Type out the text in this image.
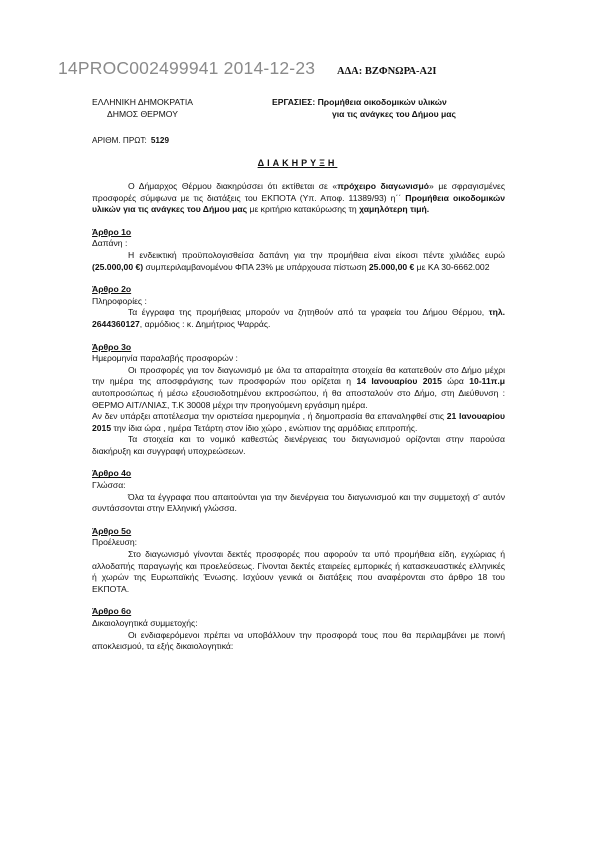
14PROC002499941 2014-12-23 ΑΔΑ: ΒΖΦΝΩΡΑ-Α2Ι
ΕΛΛΗΝΙΚΗ ΔΗΜΟΚΡΑΤΙΑ
ΔΗΜΟΣ ΘΕΡΜΟΥ
ΕΡΓΑΣΙΕΣ: Προμήθεια οικοδομικών υλικών
για τις ανάγκες του Δήμου μας
ΑΡΙΘΜ. ΠΡΩΤ: 5129
ΔΙΑΚΗΡΥΞΗ

Ο Δήμαρχος Θέρμου διακηρύσσει ότι εκτίθεται σε «πρόχειρο διαγωνισμό» με σφραγισμένες προσφορές σύμφωνα με τις διατάξεις του ΕΚΠΟΤΑ (Υπ. Αποφ. 11389/93) η΄΄ Προμήθεια οικοδομικών υλικών για τις ανάγκες του Δήμου μας με κριτήριο κατακύρωσης τη χαμηλότερη τιμή.

Άρθρο 1ο

Δαπάνη :

Η ενδεικτική προϋπολογισθείσα δαπάνη για την προμήθεια είναι είκοσι πέντε χιλιάδες ευρώ (25.000,00 €) συμπεριλαμβανομένου ΦΠΑ 23% με υπάρχουσα πίστωση 25.000,00 € με ΚΑ 30-6662.002

Άρθρο 2ο

Πληροφορίες :

Τα έγγραφα της προμήθειας μπορούν να ζητηθούν από τα γραφεία του Δήμου Θέρμου, τηλ. 2644360127, αρμόδιος : κ. Δημήτριος Ψαρράς.

Άρθρο 3ο

Ημερομηνία παραλαβής προσφορών :

Οι προσφορές για τον διαγωνισμό με όλα τα απαραίτητα στοιχεία θα κατατεθούν στο Δήμο μέχρι την ημέρα της αποσφράγισης των προσφορών που ορίζεται η 14 Ιανουαρίου 2015 ώρα 10-11π.μ αυτοπροσώπως ή μέσω εξουσιοδοτημένου εκπροσώπου, ή θα αποσταλούν στο Δήμο, στη Διεύθυνση : ΘΕΡΜΟ ΑΙΤ/ΛΝΙΑΣ, Τ.Κ 30008 μέχρι την προηγούμενη εργάσιμη ημέρα.

Αν δεν υπάρξει αποτέλεσμα την οριστείσα ημερομηνία , ή δημοπρασία θα επαναληφθεί στις 21 Ιανουαρίου 2015 την ίδια ώρα , ημέρα Τετάρτη στον ίδιο χώρο , ενώπιον της αρμόδιας επιτροπής.

Τα στοιχεία και το νομικό καθεστώς διενέργειας του διαγωνισμού ορίζονται στην παρούσα διακήρυξη και συγγραφή υποχρεώσεων.

Άρθρο 4ο

Γλώσσα:

Όλα τα έγγραφα που απαιτούνται για την διενέργεια του διαγωνισμού και την συμμετοχή σ' αυτόν συντάσσονται στην Ελληνική γλώσσα.

Άρθρο 5ο

Προέλευση:

Στο διαγωνισμό γίνονται δεκτές προσφορές που αφορούν τα υπό προμήθεια είδη, εγχώριας ή αλλοδαπής παραγωγής και προελεύσεως. Γίνονται δεκτές εταιρείες εμπορικές ή κατασκευαστικές ελληνικές ή χωρών της Ευρωπαϊκής Ένωσης. Ισχύουν γενικά οι διατάξεις που αναφέρονται στο άρθρο 18 του ΕΚΠΟΤΑ.

Άρθρο 6ο

Δικαιολογητικά συμμετοχής:

Οι ενδιαφερόμενοι πρέπει να υποβάλλουν την προσφορά τους που θα περιλαμβάνει με ποινή αποκλεισμού, τα εξής δικαιολογητικά:
